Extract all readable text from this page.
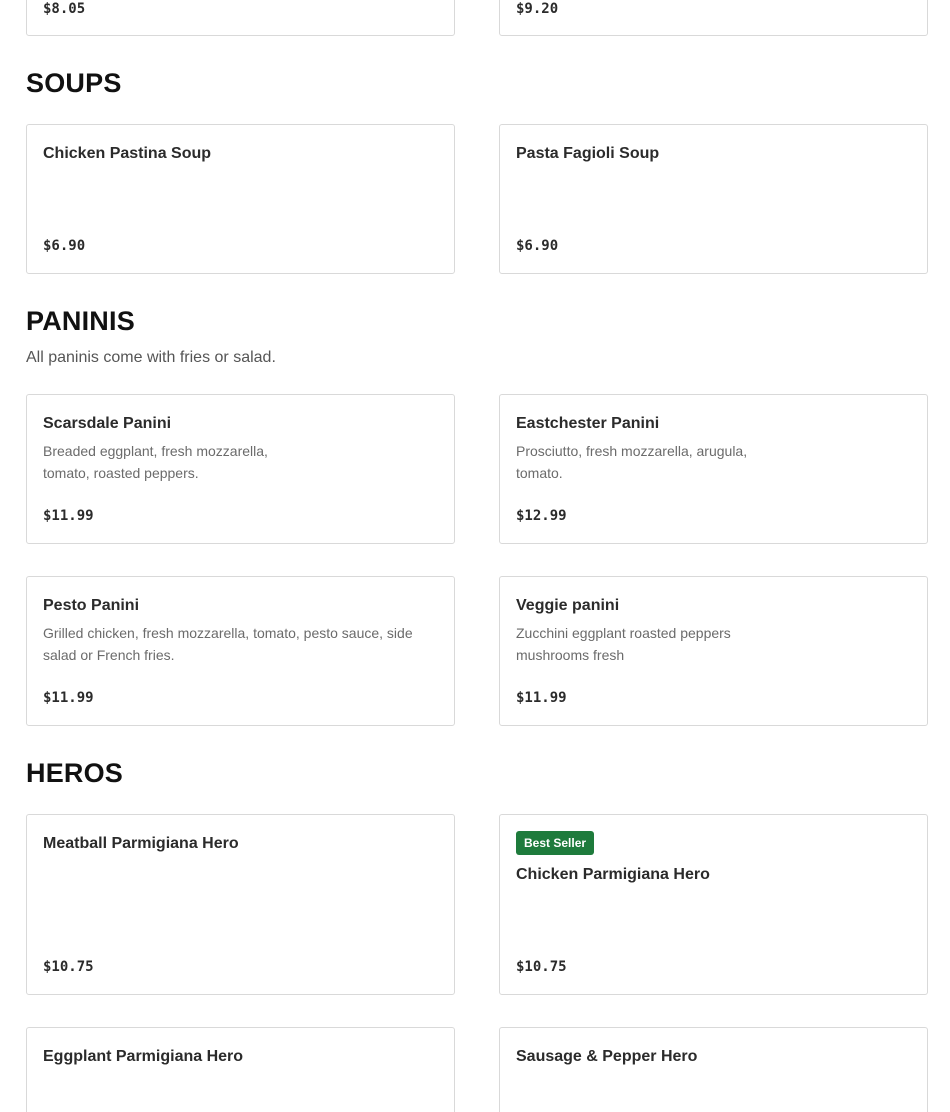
$8.05	$9.20
SOUPS
Chicken Pastina Soup
$6.90
Pasta Fagioli Soup
$6.90
PANINIS
All paninis come with fries or salad.
Scarsdale Panini
Breaded eggplant, fresh mozzarella,
tomato, roasted peppers.
$11.99
Eastchester Panini
Prosciutto, fresh mozzarella, arugula,
tomato.
$12.99
Pesto Panini
Grilled chicken, fresh mozzarella, tomato, pesto sauce, side
salad or French fries.
$11.99
Veggie panini
Zucchini eggplant roasted peppers
mushrooms fresh
$11.99
HEROS
Meatball Parmigiana Hero
$10.75
Best Seller
Chicken Parmigiana Hero
$10.75
Eggplant Parmigiana Hero	Sausage & Pepper Hero
